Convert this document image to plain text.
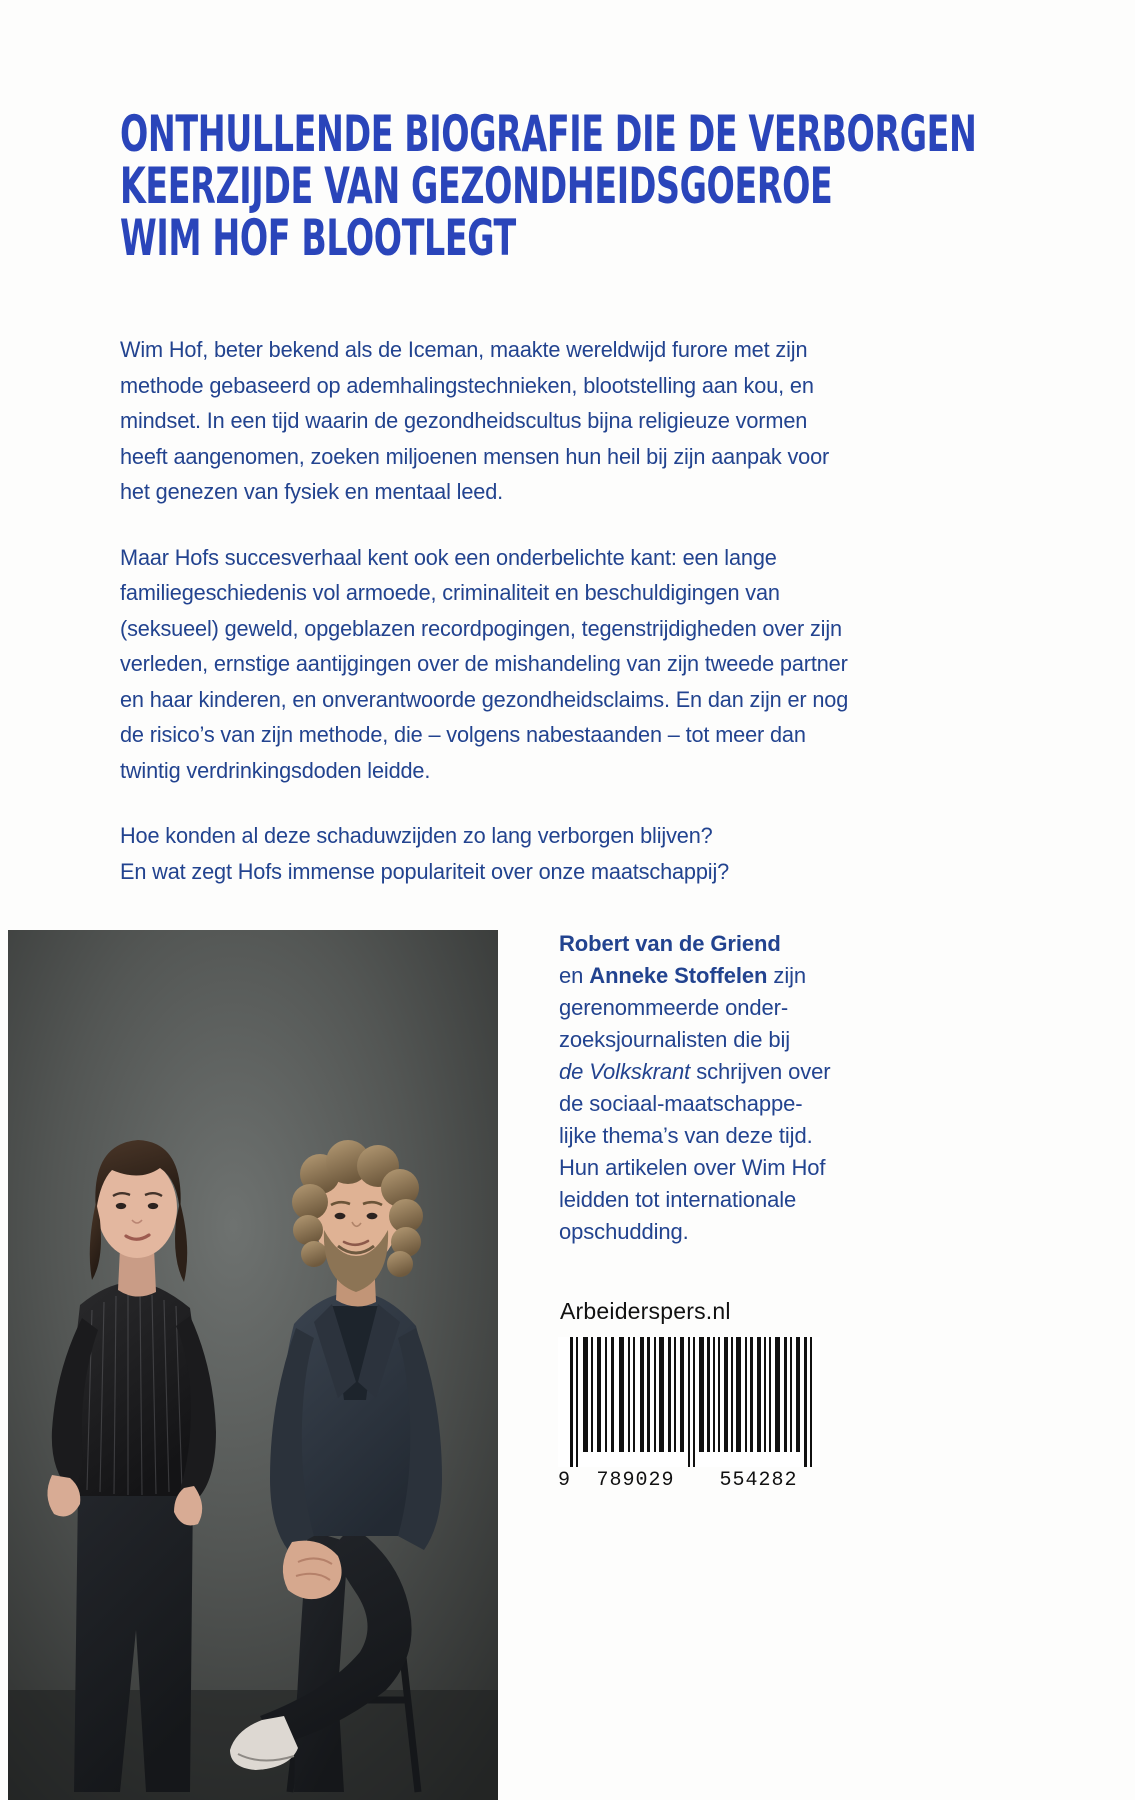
ONTHULLENDE BIOGRAFIE DIE DE VERBORGEN
KEERZIJDE VAN GEZONDHEIDSGOEROE
WIM HOF BLOOTLEGT

Wim Hof, beter bekend als de Iceman, maakte wereldwijd furore met zijn methode gebaseerd op ademhalingstechnieken, blootstelling aan kou, en mindset. In een tijd waarin de gezondheidscultus bijna religieuze vormen heeft aangenomen, zoeken miljoenen mensen hun heil bij zijn aanpak voor het genezen van fysiek en mentaal leed.

Maar Hofs succesverhaal kent ook een onderbelichte kant: een lange familiegeschiedenis vol armoede, criminaliteit en beschuldigingen van (seksueel) geweld, opgeblazen recordpogingen, tegenstrijdigheden over zijn verleden, ernstige aantijgingen over de mishandeling van zijn tweede partner en haar kinderen, en onverantwoorde gezondheidsclaims. En dan zijn er nog de risico’s van zijn methode, die – volgens nabestaanden – tot meer dan twintig verdrinkingsdoden leidde.

Hoe konden al deze schaduwzijden zo lang verborgen blijven?
En wat zegt Hofs immense populariteit over onze maatschappij?

Robert van de Griend
en Anneke Stoffelen zijn
gerenommeerde onder-
zoeksjournalisten die bij
de Volkskrant schrijven over
de sociaal-maatschappe-
lijke thema’s van deze tijd.
Hun artikelen over Wim Hof
leidden tot internationale
opschudding.
Arbeiderspers.nl
9	789029	554282
